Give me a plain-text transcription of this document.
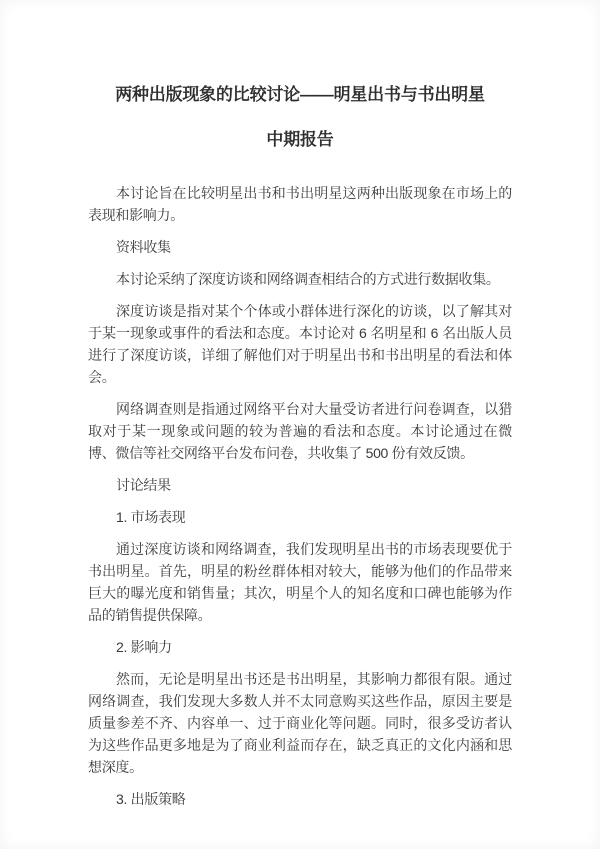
两种出版现象的比较讨论——明星出书与书出明星
中期报告

本讨论旨在比较明星出书和书出明星这两种出版现象在市场上的表现和影响力。

资料收集

本讨论采纳了深度访谈和网络调查相结合的方式进行数据收集。

深度访谈是指对某个个体或小群体进行深化的访谈，以了解其对于某一现象或事件的看法和态度。本讨论对 6 名明星和 6 名出版人员进行了深度访谈，详细了解他们对于明星出书和书出明星的看法和体会。

网络调查则是指通过网络平台对大量受访者进行问卷调查，以猎取对于某一现象或问题的较为普遍的看法和态度。本讨论通过在微博、微信等社交网络平台发布问卷，共收集了 500 份有效反馈。

讨论结果

1. 市场表现

通过深度访谈和网络调查，我们发现明星出书的市场表现要优于书出明星。首先，明星的粉丝群体相对较大，能够为他们的作品带来巨大的曝光度和销售量；其次，明星个人的知名度和口碑也能够为作品的销售提供保障。

2. 影响力

然而，无论是明星出书还是书出明星，其影响力都很有限。通过网络调查，我们发现大多数人并不太同意购买这些作品，原因主要是质量参差不齐、内容单一、过于商业化等问题。同时，很多受访者认为这些作品更多地是为了商业利益而存在，缺乏真正的文化内涵和思想深度。

3. 出版策略
